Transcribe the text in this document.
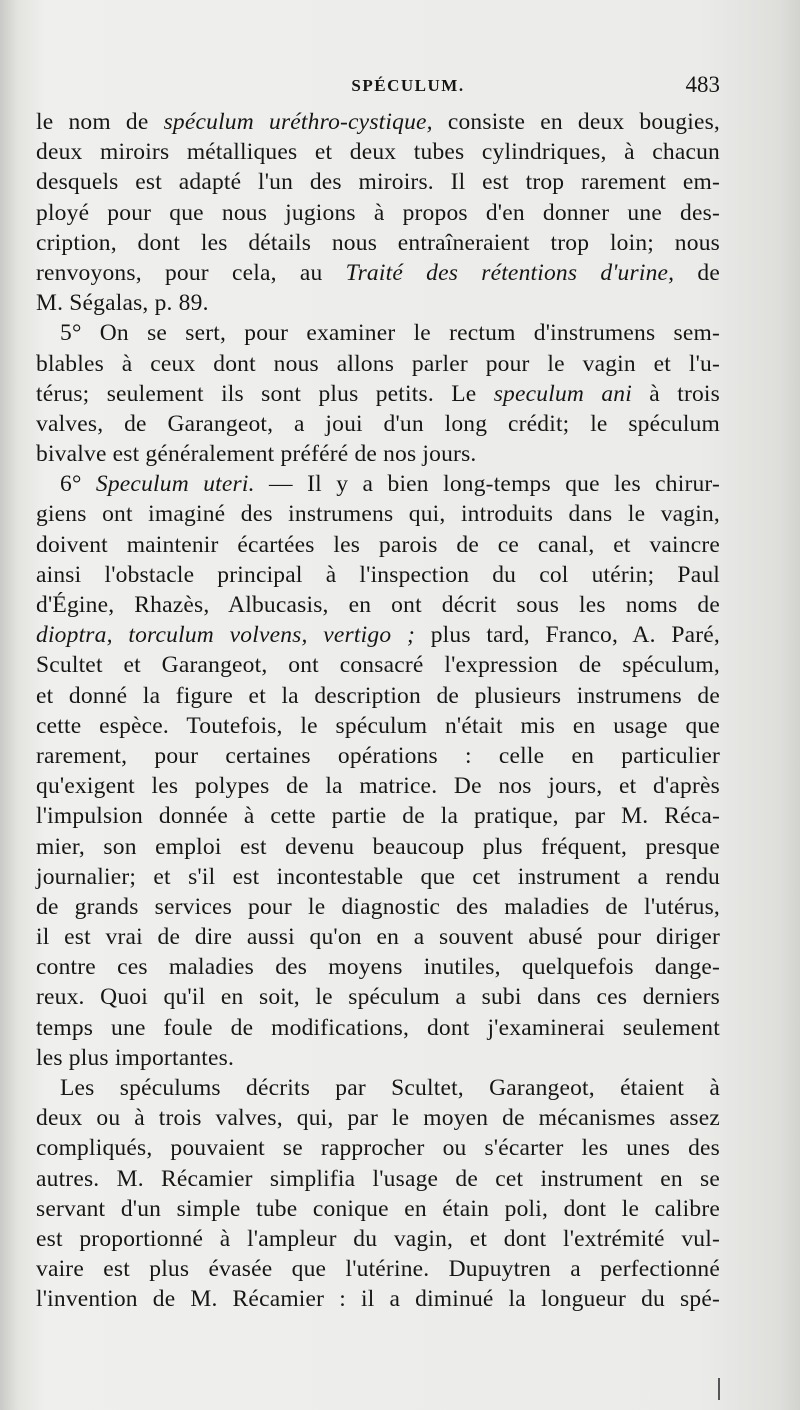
SPÉCULUM.	483
le nom de spéculum uréthro-cystique, consiste en deux bougies,
deux miroirs métalliques et deux tubes cylindriques, à chacun
desquels est adapté l'un des miroirs. Il est trop rarement em-
ployé pour que nous jugions à propos d'en donner une des-
cription, dont les détails nous entraîneraient trop loin; nous
renvoyons, pour cela, au Traité des rétentions d'urine, de
M. Ségalas, p. 89.
5° On se sert, pour examiner le rectum d'instrumens sem-
blables à ceux dont nous allons parler pour le vagin et l'u-
térus; seulement ils sont plus petits. Le speculum ani à trois
valves, de Garangeot, a joui d'un long crédit; le spéculum
bivalve est généralement préféré de nos jours.
6° Speculum uteri. — Il y a bien long-temps que les chirur-
giens ont imaginé des instrumens qui, introduits dans le vagin,
doivent maintenir écartées les parois de ce canal, et vaincre
ainsi l'obstacle principal à l'inspection du col utérin; Paul
d'Égine, Rhazès, Albucasis, en ont décrit sous les noms de
dioptra, torculum volvens, vertigo ; plus tard, Franco, A. Paré,
Scultet et Garangeot, ont consacré l'expression de spéculum,
et donné la figure et la description de plusieurs instrumens de
cette espèce. Toutefois, le spéculum n'était mis en usage que
rarement, pour certaines opérations : celle en particulier
qu'exigent les polypes de la matrice. De nos jours, et d'après
l'impulsion donnée à cette partie de la pratique, par M. Réca-
mier, son emploi est devenu beaucoup plus fréquent, presque
journalier; et s'il est incontestable que cet instrument a rendu
de grands services pour le diagnostic des maladies de l'utérus,
il est vrai de dire aussi qu'on en a souvent abusé pour diriger
contre ces maladies des moyens inutiles, quelquefois dange-
reux. Quoi qu'il en soit, le spéculum a subi dans ces derniers
temps une foule de modifications, dont j'examinerai seulement
les plus importantes.
Les spéculums décrits par Scultet, Garangeot, étaient à
deux ou à trois valves, qui, par le moyen de mécanismes assez
compliqués, pouvaient se rapprocher ou s'écarter les unes des
autres. M. Récamier simplifia l'usage de cet instrument en se
servant d'un simple tube conique en étain poli, dont le calibre
est proportionné à l'ampleur du vagin, et dont l'extrémité vul-
vaire est plus évasée que l'utérine. Dupuytren a perfectionné
l'invention de M. Récamier : il a diminué la longueur du spé-
